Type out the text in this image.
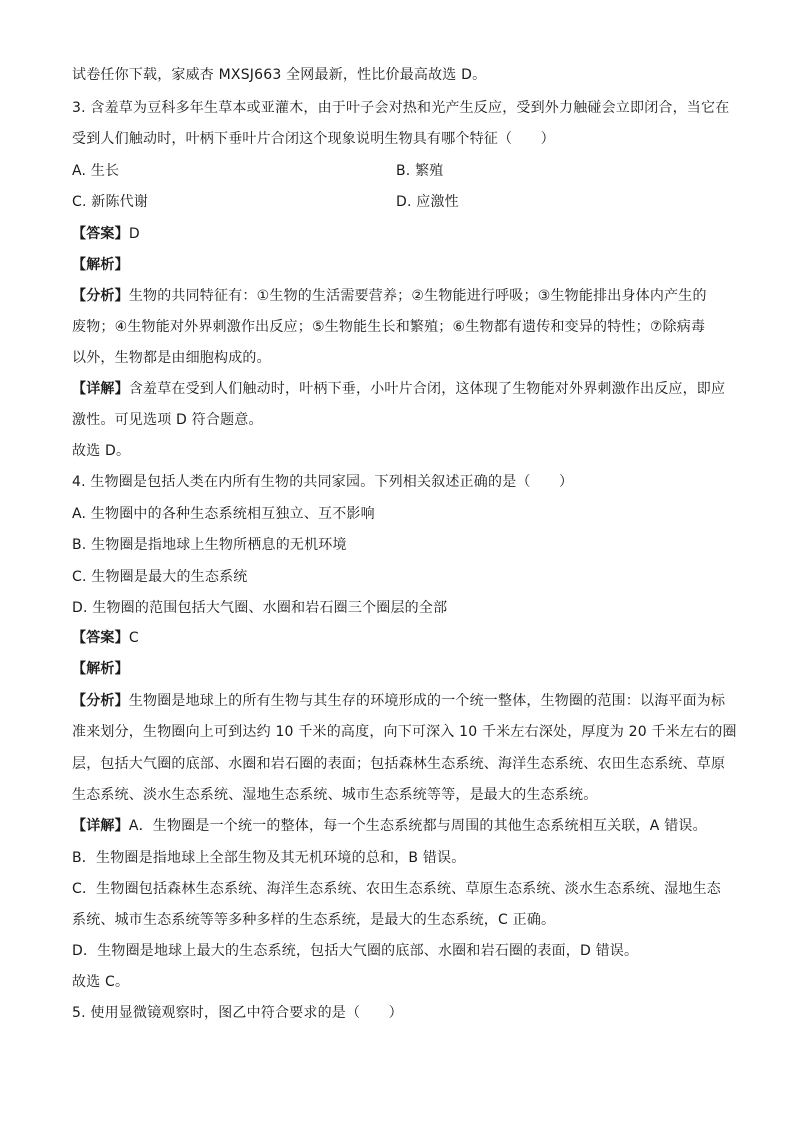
试卷任你下载，家威杏 MXSJ663 全网最新，性比价最高故选 D。
3. 含羞草为豆科多年生草本或亚灌木，由于叶子会对热和光产生反应，受到外力触碰会立即闭合，当它在
受到人们触动时，叶柄下垂叶片合闭这个现象说明生物具有哪个特征（　　）
A. 生长	B. 繁殖
C. 新陈代谢	D. 应激性
【答案】D
【解析】
【分析】生物的共同特征有：①生物的生活需要营养；②生物能进行呼吸；③生物能排出身体内产生的
废物；④生物能对外界刺激作出反应；⑤生物能生长和繁殖；⑥生物都有遗传和变异的特性；⑦除病毒
以外，生物都是由细胞构成的。
【详解】含羞草在受到人们触动时，叶柄下垂，小叶片合闭，这体现了生物能对外界刺激作出反应，即应
激性。可见选项 D 符合题意。
故选 D。
4. 生物圈是包括人类在内所有生物的共同家园。下列相关叙述正确的是（　　）
A. 生物圈中的各种生态系统相互独立、互不影响
B. 生物圈是指地球上生物所栖息的无机环境
C. 生物圈是最大的生态系统
D. 生物圈的范围包括大气圈、水圈和岩石圈三个圈层的全部
【答案】C
【解析】
【分析】生物圈是地球上的所有生物与其生存的环境形成的一个统一整体，生物圈的范围：以海平面为标
准来划分，生物圈向上可到达约 10 千米的高度，向下可深入 10 千米左右深处，厚度为 20 千米左右的圈
层，包括大气圈的底部、水圈和岩石圈的表面；包括森林生态系统、海洋生态系统、农田生态系统、草原
生态系统、淡水生态系统、湿地生态系统、城市生态系统等等，是最大的生态系统。
【详解】A．生物圈是一个统一的整体，每一个生态系统都与周围的其他生态系统相互关联，A 错误。
B．生物圈是指地球上全部生物及其无机环境的总和，B 错误。
C．生物圈包括森林生态系统、海洋生态系统、农田生态系统、草原生态系统、淡水生态系统、湿地生态
系统、城市生态系统等等多种多样的生态系统，是最大的生态系统，C 正确。
D．生物圈是地球上最大的生态系统，包括大气圈的底部、水圈和岩石圈的表面，D 错误。
故选 C。
5. 使用显微镜观察时，图乙中符合要求的是（　　）
